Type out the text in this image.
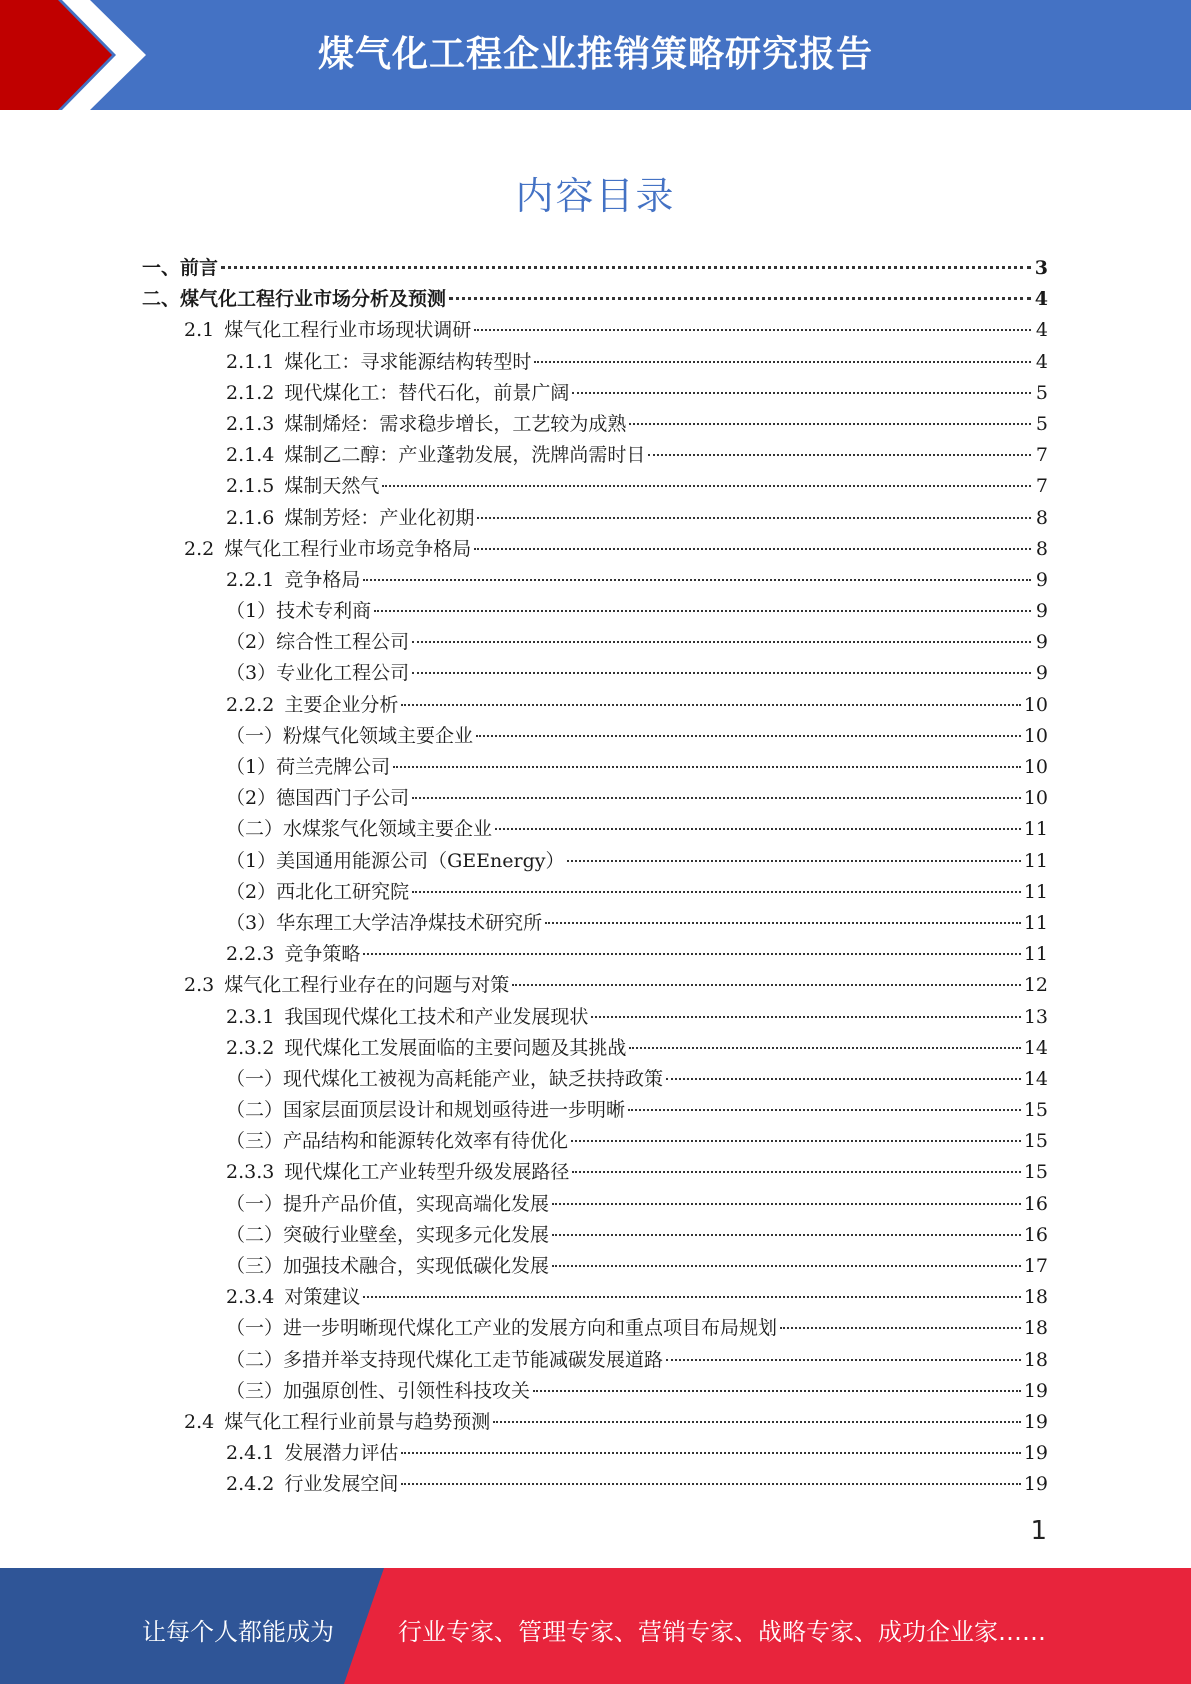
煤气化工程企业推销策略研究报告
内容目录
一、前言	3
二、煤气化工程行业市场分析及预测	4
2.1 煤气化工程行业市场现状调研	4
2.1.1 煤化工：寻求能源结构转型时	4
2.1.2 现代煤化工：替代石化，前景广阔	5
2.1.3 煤制烯烃：需求稳步增长，工艺较为成熟	5
2.1.4 煤制乙二醇：产业蓬勃发展，洗牌尚需时日	7
2.1.5 煤制天然气	7
2.1.6 煤制芳烃：产业化初期	8
2.2 煤气化工程行业市场竞争格局	8
2.2.1 竞争格局	9
（1）技术专利商	9
（2）综合性工程公司	9
（3）专业化工程公司	9
2.2.2 主要企业分析	10
（一）粉煤气化领域主要企业	10
（1）荷兰壳牌公司	10
（2）德国西门子公司	10
（二）水煤浆气化领域主要企业	11
（1）美国通用能源公司（GEEnergy）	11
（2）西北化工研究院	11
（3）华东理工大学洁净煤技术研究所	11
2.2.3 竞争策略	11
2.3 煤气化工程行业存在的问题与对策	12
2.3.1 我国现代煤化工技术和产业发展现状	13
2.3.2 现代煤化工发展面临的主要问题及其挑战	14
（一）现代煤化工被视为高耗能产业，缺乏扶持政策	14
（二）国家层面顶层设计和规划亟待进一步明晰	15
（三）产品结构和能源转化效率有待优化	15
2.3.3 现代煤化工产业转型升级发展路径	15
（一）提升产品价值，实现高端化发展	16
（二）突破行业壁垒，实现多元化发展	16
（三）加强技术融合，实现低碳化发展	17
2.3.4 对策建议	18
（一）进一步明晰现代煤化工产业的发展方向和重点项目布局规划	18
（二）多措并举支持现代煤化工走节能减碳发展道路	18
（三）加强原创性、引领性科技攻关	19
2.4 煤气化工程行业前景与趋势预测	19
2.4.1 发展潜力评估	19
2.4.2 行业发展空间	19
1
让每个人都能成为	行业专家、管理专家、营销专家、战略专家、成功企业家……
